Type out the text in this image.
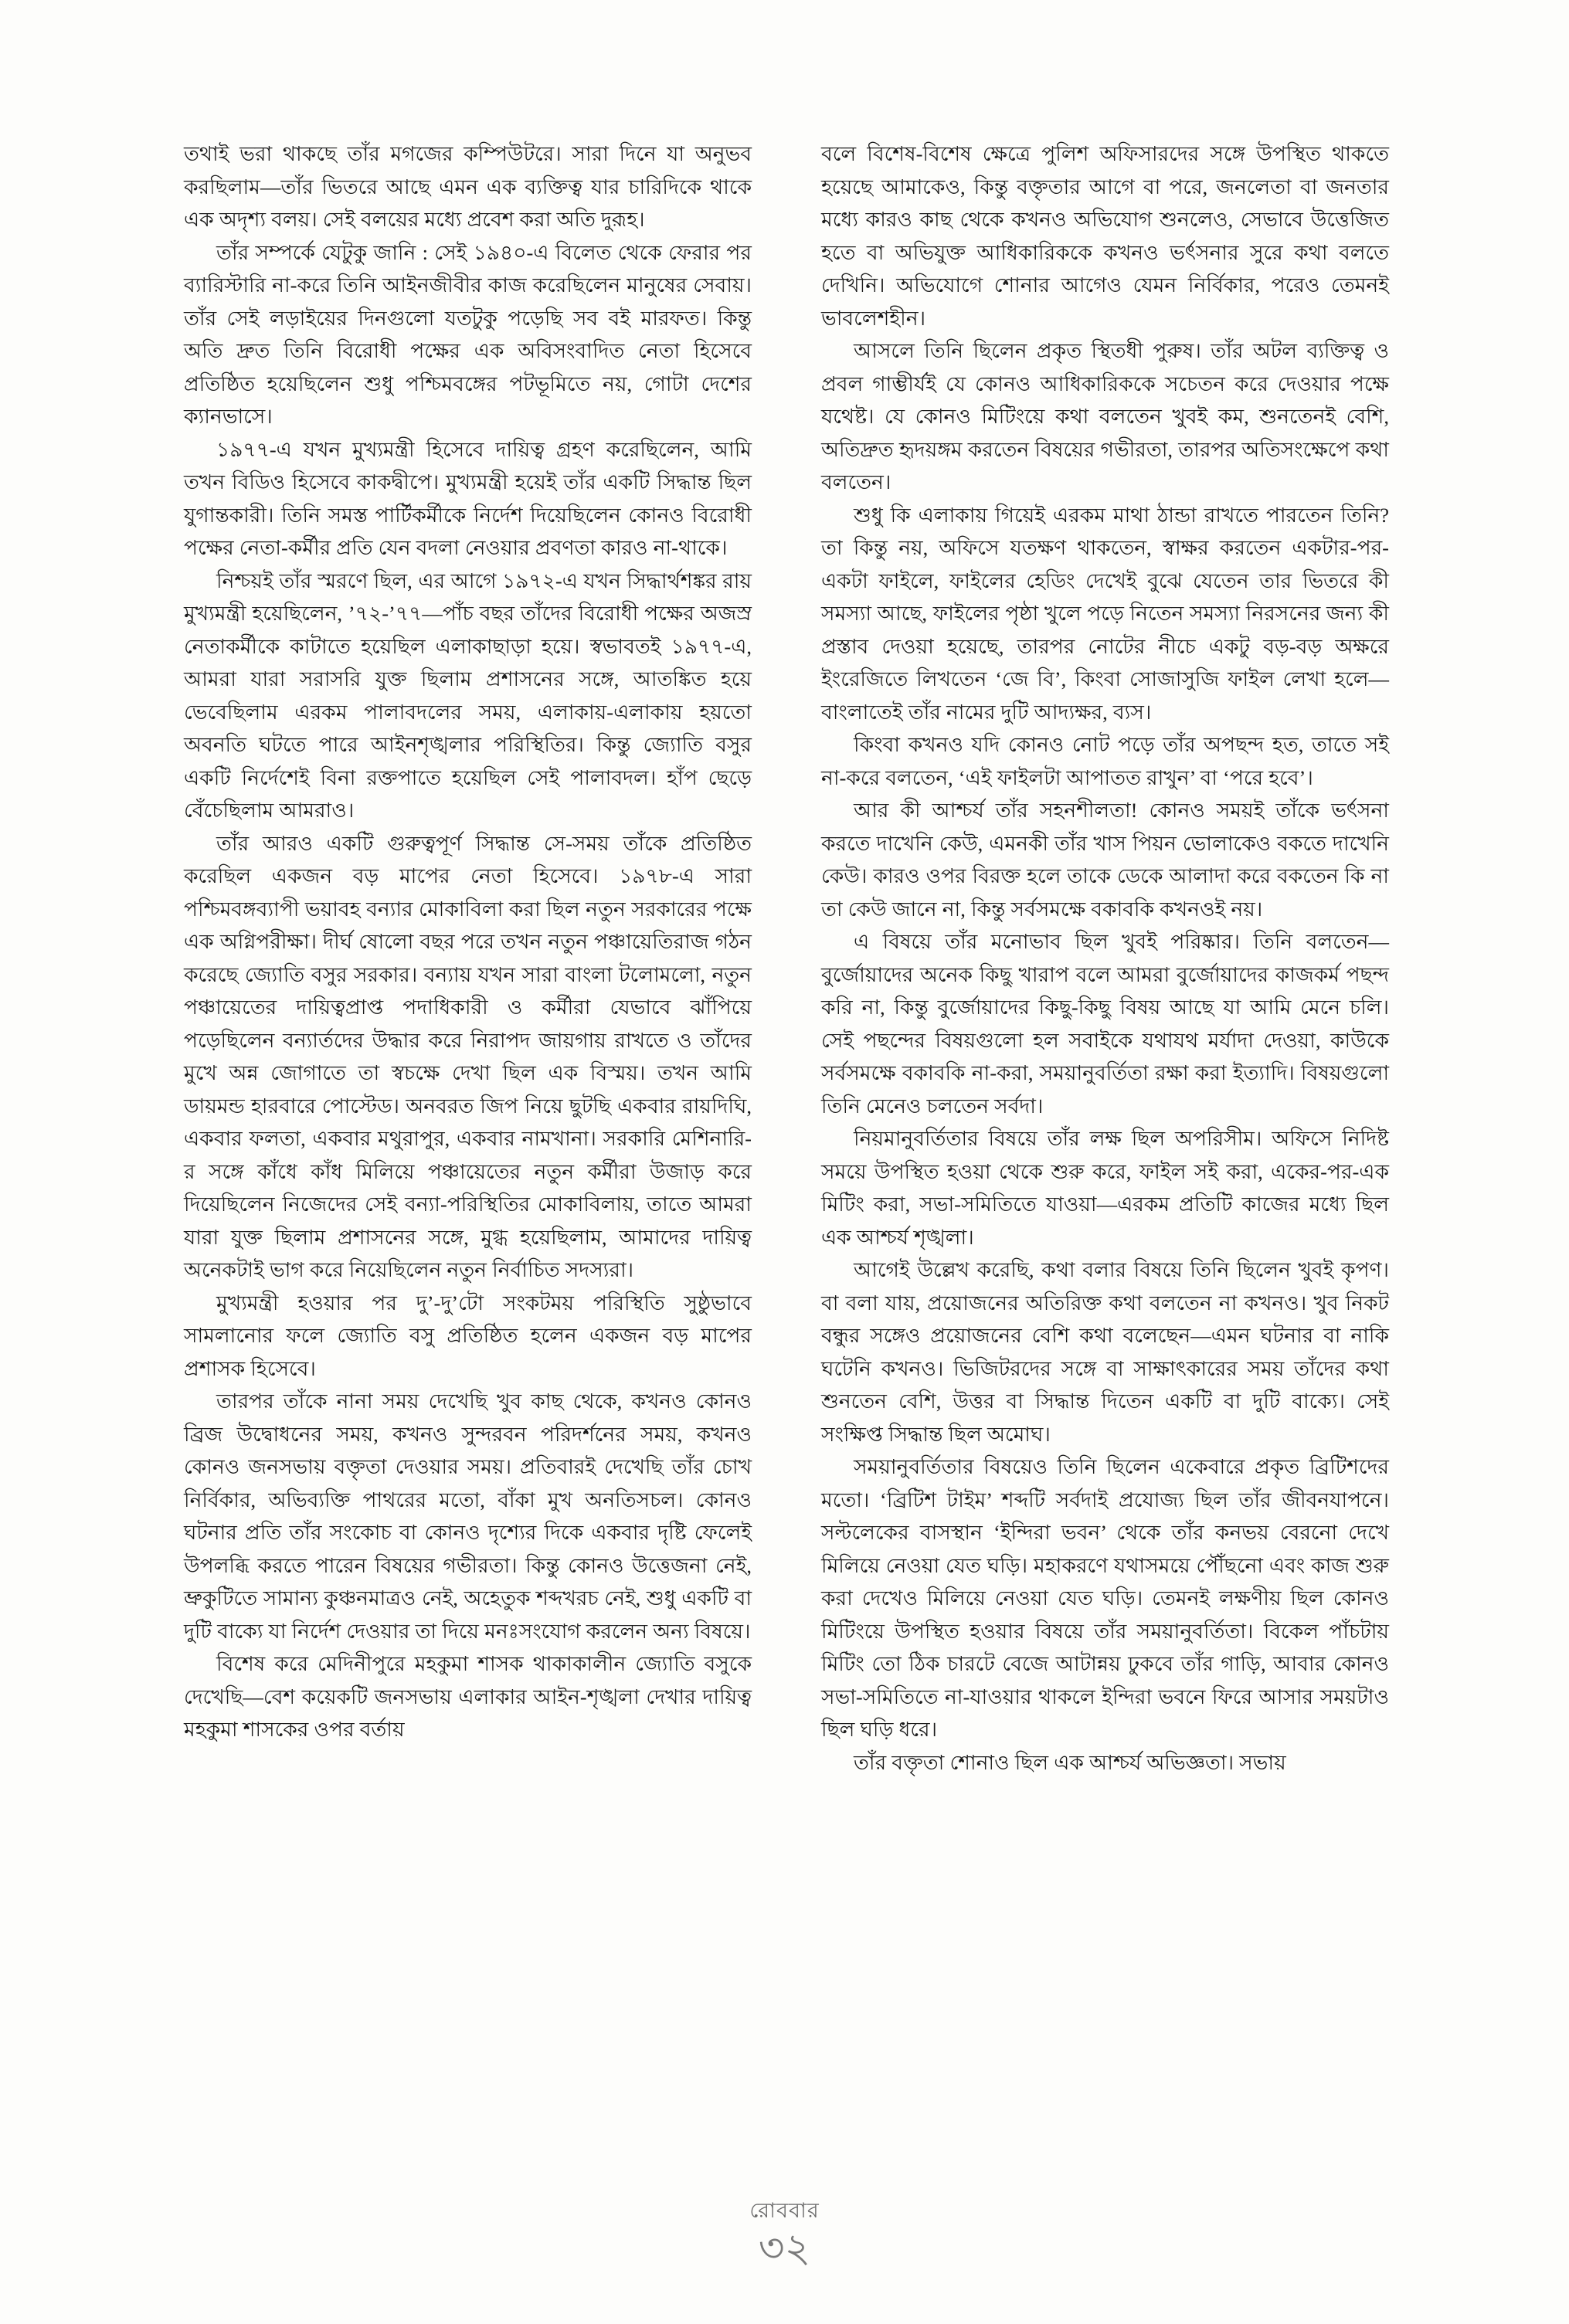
তথাই ভরা থাকছে তাঁর মগজের কম্পিউটরে। সারা দিনে যা অনুভব করছিলাম—তাঁর ভিতরে আছে এমন এক ব্যক্তিত্ব যার চারিদিকে থাকে এক অদৃশ্য বলয়। সেই বলয়ের মধ্যে প্রবেশ করা অতি দুরূহ।

তাঁর সম্পর্কে যেটুকু জানি : সেই ১৯৪০-এ বিলেত থেকে ফেরার পর ব্যারিস্টারি না-করে তিনি আইনজীবীর কাজ করেছিলেন মানুষের সেবায়। তাঁর সেই লড়াইয়ের দিনগুলো যতটুকু পড়েছি সব বই মারফত। কিন্তু অতি দ্রুত তিনি বিরোধী পক্ষের এক অবিসংবাদিত নেতা হিসেবে প্রতিষ্ঠিত হয়েছিলেন শুধু পশ্চিমবঙ্গের পটভূমিতে নয়, গোটা দেশের ক্যানভাসে।

১৯৭৭-এ যখন মুখ্যমন্ত্রী হিসেবে দায়িত্ব গ্রহণ করেছিলেন, আমি তখন বিডিও হিসেবে কাকদ্বীপে। মুখ্যমন্ত্রী হয়েই তাঁর একটি সিদ্ধান্ত ছিল যুগান্তকারী। তিনি সমস্ত পার্টিকর্মীকে নির্দেশ দিয়েছিলেন কোনও বিরোধী পক্ষের নেতা-কর্মীর প্রতি যেন বদলা নেওয়ার প্রবণতা কারও না-থাকে।

নিশ্চয়ই তাঁর স্মরণে ছিল, এর আগে ১৯৭২-এ যখন সিদ্ধার্থশঙ্কর রায় মুখ্যমন্ত্রী হয়েছিলেন, ’৭২-’৭৭—পাঁচ বছর তাঁদের বিরোধী পক্ষের অজস্র নেতাকর্মীকে কাটাতে হয়েছিল এলাকাছাড়া হয়ে। স্বভাবতই ১৯৭৭-এ, আমরা যারা সরাসরি যুক্ত ছিলাম প্রশাসনের সঙ্গে, আতঙ্কিত হয়ে ভেবেছিলাম এরকম পালাবদলের সময়, এলাকায়-এলাকায় হয়তো অবনতি ঘটতে পারে আইনশৃঙ্খলার পরিস্থিতির। কিন্তু জ্যোতি বসুর একটি নির্দেশেই বিনা রক্তপাতে হয়েছিল সেই পালাবদল। হাঁপ ছেড়ে বেঁচেছিলাম আমরাও।

তাঁর আরও একটি গুরুত্বপূর্ণ সিদ্ধান্ত সে-সময় তাঁকে প্রতিষ্ঠিত করেছিল একজন বড় মাপের নেতা হিসেবে। ১৯৭৮-এ সারা পশ্চিমবঙ্গব্যাপী ভয়াবহ বন্যার মোকাবিলা করা ছিল নতুন সরকারের পক্ষে এক অগ্নিপরীক্ষা। দীর্ঘ ষোলো বছর পরে তখন নতুন পঞ্চায়েতিরাজ গঠন করেছে জ্যোতি বসুর সরকার। বন্যায় যখন সারা বাংলা টলোমলো, নতুন পঞ্চায়েতের দায়িত্বপ্রাপ্ত পদাধিকারী ও কর্মীরা যেভাবে ঝাঁপিয়ে পড়েছিলেন বন্যার্তদের উদ্ধার করে নিরাপদ জায়গায় রাখতে ও তাঁদের মুখে অন্ন জোগাতে তা স্বচক্ষে দেখা ছিল এক বিস্ময়। তখন আমি ডায়মন্ড হারবারে পোস্টেড। অনবরত জিপ নিয়ে ছুটছি একবার রায়দিঘি, একবার ফলতা, একবার মথুরাপুর, একবার নামখানা। সরকারি মেশিনারি-র সঙ্গে কাঁধে কাঁধ মিলিয়ে পঞ্চায়েতের নতুন কর্মীরা উজাড় করে দিয়েছিলেন নিজেদের সেই বন্যা-পরিস্থিতির মোকাবিলায়, তাতে আমরা যারা যুক্ত ছিলাম প্রশাসনের সঙ্গে, মুগ্ধ হয়েছিলাম, আমাদের দায়িত্ব অনেকটাই ভাগ করে নিয়েছিলেন নতুন নির্বাচিত সদস্যরা।

মুখ্যমন্ত্রী হওয়ার পর দু’-দু’টো সংকটময় পরিস্থিতি সুষ্ঠুভাবে সামলানোর ফলে জ্যোতি বসু প্রতিষ্ঠিত হলেন একজন বড় মাপের প্রশাসক হিসেবে।

তারপর তাঁকে নানা সময় দেখেছি খুব কাছ থেকে, কখনও কোনও ব্রিজ উদ্বোধনের সময়, কখনও সুন্দরবন পরিদর্শনের সময়, কখনও কোনও জনসভায় বক্তৃতা দেওয়ার সময়। প্রতিবারই দেখেছি তাঁর চোখ নির্বিকার, অভিব্যক্তি পাথরের মতো, বাঁকা মুখ অনতিসচল। কোনও ঘটনার প্রতি তাঁর সংকোচ বা কোনও দৃশ্যের দিকে একবার দৃষ্টি ফেলেই উপলব্ধি করতে পারেন বিষয়ের গভীরতা। কিন্তু কোনও উত্তেজনা নেই, ভ্রুকুটিতে সামান্য কুঞ্চনমাত্রও নেই, অহেতুক শব্দখরচ নেই, শুধু একটি বা দুটি বাক্যে যা নির্দেশ দেওয়ার তা দিয়ে মনঃসংযোগ করলেন অন্য বিষয়ে।

বিশেষ করে মেদিনীপুরে মহকুমা শাসক থাকাকালীন জ্যোতি বসুকে দেখেছি—বেশ কয়েকটি জনসভায় এলাকার আইন-শৃঙ্খলা দেখার দায়িত্ব মহকুমা শাসকের ওপর বর্তায়

বলে বিশেষ-বিশেষ ক্ষেত্রে পুলিশ অফিসারদের সঙ্গে উপস্থিত থাকতে হয়েছে আমাকেও, কিন্তু বক্তৃতার আগে বা পরে, জনলেতা বা জনতার মধ্যে কারও কাছ থেকে কখনও অভিযোগ শুনলেও, সেভাবে উত্তেজিত হতে বা অভিযুক্ত আধিকারিককে কখনও ভর্ৎসনার সুরে কথা বলতে দেখিনি। অভিযোগে শোনার আগেও যেমন নির্বিকার, পরেও তেমনই ভাবলেশহীন।

আসলে তিনি ছিলেন প্রকৃত স্থিতধী পুরুষ। তাঁর অটল ব্যক্তিত্ব ও প্রবল গাম্ভীর্যই যে কোনও আধিকারিককে সচেতন করে দেওয়ার পক্ষে যথেষ্ট। যে কোনও মিটিংয়ে কথা বলতেন খুবই কম, শুনতেনই বেশি, অতিদ্রুত হৃদয়ঙ্গম করতেন বিষয়ের গভীরতা, তারপর অতিসংক্ষেপে কথা বলতেন।

শুধু কি এলাকায় গিয়েই এরকম মাথা ঠান্ডা রাখতে পারতেন তিনি? তা কিন্তু নয়, অফিসে যতক্ষণ থাকতেন, স্বাক্ষর করতেন একটার-পর-একটা ফাইলে, ফাইলের হেডিং দেখেই বুঝে যেতেন তার ভিতরে কী সমস্যা আছে, ফাইলের পৃষ্ঠা খুলে পড়ে নিতেন সমস্যা নিরসনের জন্য কী প্রস্তাব দেওয়া হয়েছে, তারপর নোটের নীচে একটু বড়-বড় অক্ষরে ইংরেজিতে লিখতেন ‘জে বি’, কিংবা সোজাসুজি ফাইল লেখা হলে—বাংলাতেই তাঁর নামের দুটি আদ্যক্ষর, ব্যস।

কিংবা কখনও যদি কোনও নোট পড়ে তাঁর অপছন্দ হত, তাতে সই না-করে বলতেন, ‘এই ফাইলটা আপাতত রাখুন’ বা ‘পরে হবে’।

আর কী আশ্চর্য তাঁর সহনশীলতা! কোনও সময়ই তাঁকে ভর্ৎসনা করতে দাখেনি কেউ, এমনকী তাঁর খাস পিয়ন ভোলাকেও বকতে দাখেনি কেউ। কারও ওপর বিরক্ত হলে তাকে ডেকে আলাদা করে বকতেন কি না তা কেউ জানে না, কিন্তু সর্বসমক্ষে বকাবকি কখনওই নয়।

এ বিষয়ে তাঁর মনোভাব ছিল খুবই পরিষ্কার। তিনি বলতেন—বুর্জোয়াদের অনেক কিছু খারাপ বলে আমরা বুর্জোয়াদের কাজকর্ম পছন্দ করি না, কিন্তু বুর্জোয়াদের কিছু-কিছু বিষয় আছে যা আমি মেনে চলি। সেই পছন্দের বিষয়গুলো হল সবাইকে যথাযথ মর্যাদা দেওয়া, কাউকে সর্বসমক্ষে বকাবকি না-করা, সময়ানুবর্তিতা রক্ষা করা ইত্যাদি। বিষয়গুলো তিনি মেনেও চলতেন সর্বদা।

নিয়মানুবর্তিতার বিষয়ে তাঁর লক্ষ ছিল অপরিসীম। অফিসে নিদিষ্ট সময়ে উপস্থিত হওয়া থেকে শুরু করে, ফাইল সই করা, একের-পর-এক মিটিং করা, সভা-সমিতিতে যাওয়া—এরকম প্রতিটি কাজের মধ্যে ছিল এক আশ্চর্য শৃঙ্খলা।

আগেই উল্লেখ করেছি, কথা বলার বিষয়ে তিনি ছিলেন খুবই কৃপণ। বা বলা যায়, প্রয়োজনের অতিরিক্ত কথা বলতেন না কখনও। খুব নিকট বন্ধুর সঙ্গেও প্রয়োজনের বেশি কথা বলেছেন—এমন ঘটনার বা নাকি ঘটেনি কখনও। ভিজিটরদের সঙ্গে বা সাক্ষাৎকারের সময় তাঁদের কথা শুনতেন বেশি, উত্তর বা সিদ্ধান্ত দিতেন একটি বা দুটি বাক্যে। সেই সংক্ষিপ্ত সিদ্ধান্ত ছিল অমোঘ।

সময়ানুবর্তিতার বিষয়েও তিনি ছিলেন একেবারে প্রকৃত ব্রিটিশদের মতো। ‘ব্রিটিশ টাইম’ শব্দটি সর্বদাই প্রযোজ্য ছিল তাঁর জীবনযাপনে। সল্টলেকের বাসস্থান ‘ইন্দিরা ভবন’ থেকে তাঁর কনভয় বেরনো দেখে মিলিয়ে নেওয়া যেত ঘড়ি। মহাকরণে যথাসময়ে পৌঁছনো এবং কাজ শুরু করা দেখেও মিলিয়ে নেওয়া যেত ঘড়ি। তেমনই লক্ষণীয় ছিল কোনও মিটিংয়ে উপস্থিত হওয়ার বিষয়ে তাঁর সময়ানুবর্তিতা। বিকেল পাঁচটায় মিটিং তো ঠিক চারটে বেজে আটান্নয় ঢুকবে তাঁর গাড়ি, আবার কোনও সভা-সমিতিতে না-যাওয়ার থাকলে ইন্দিরা ভবনে ফিরে আসার সময়টাও ছিল ঘড়ি ধরে।

তাঁর বক্তৃতা শোনাও ছিল এক আশ্চর্য অভিজ্ঞতা। সভায়

রোববার
৩২
